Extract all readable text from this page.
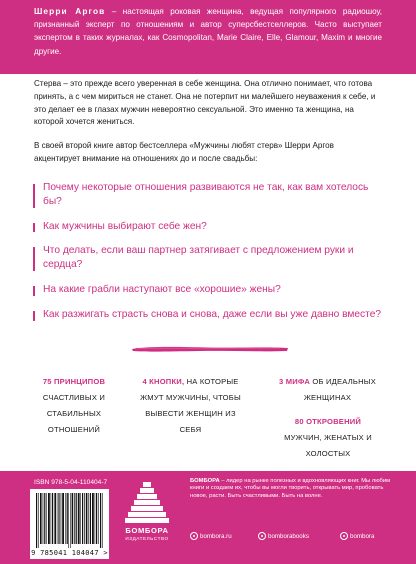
Шерри Аргов – настоящая роковая женщина, ведущая популярного радиошоу, признанный эксперт по отношениям и автор суперсбестселлеров. Часто выступает экспертом в таких журналах, как Cosmopolitan, Marie Claire, Elle, Glamour, Maxim и многие другие.
Стерва – это прежде всего уверенная в себе женщина. Она отлично понимает, что готова принять, а с чем мириться не станет. Она не потерпит ни малейшего неуважения к себе, и это делает ее в глазах мужчин невероятно сексуальной. Это именно та женщина, на которой хочется жениться.
В своей второй книге автор бестселлера «Мужчины любят стерв» Шерри Аргов акцентирует внимание на отношениях до и после свадьбы:
Почему некоторые отношения развиваются не так, как вам хотелось бы?
Как мужчины выбирают себе жен?
Что делать, если ваш партнер затягивает с предложением руки и сердца?
На какие грабли наступают все «хорошие» жены?
Как разжигать страсть снова и снова, даже если вы уже давно вместе?
75 ПРИНЦИПОВ
СЧАСТЛИВЫХ И СТАБИЛЬНЫХ ОТНОШЕНИЙ
4 КНОПКИ, НА КОТОРЫЕ ЖМУТ МУЖЧИНЫ, ЧТОБЫ ВЫВЕСТИ ЖЕНЩИН ИЗ СЕБЯ
3 МИФА ОБ ИДЕАЛЬНЫХ ЖЕНЩИНАХ
80 ОТКРОВЕНИЙ
МУЖЧИН, ЖЕНАТЫХ И ХОЛОСТЫХ
ISBN 978-5-04-110404-7
9 785041 104047 >
БОМБОРА
ИЗДАТЕЛЬСТВО
БОМБОРА – лидер на рынке полезных и вдохновляющих книг. Мы любим книги и создаем их, чтобы вы могли творить, открывать мир, пробовать новое, расти. Быть счастливыми. Быть на волне.
bombora.ru	bomborabooks	bombora
